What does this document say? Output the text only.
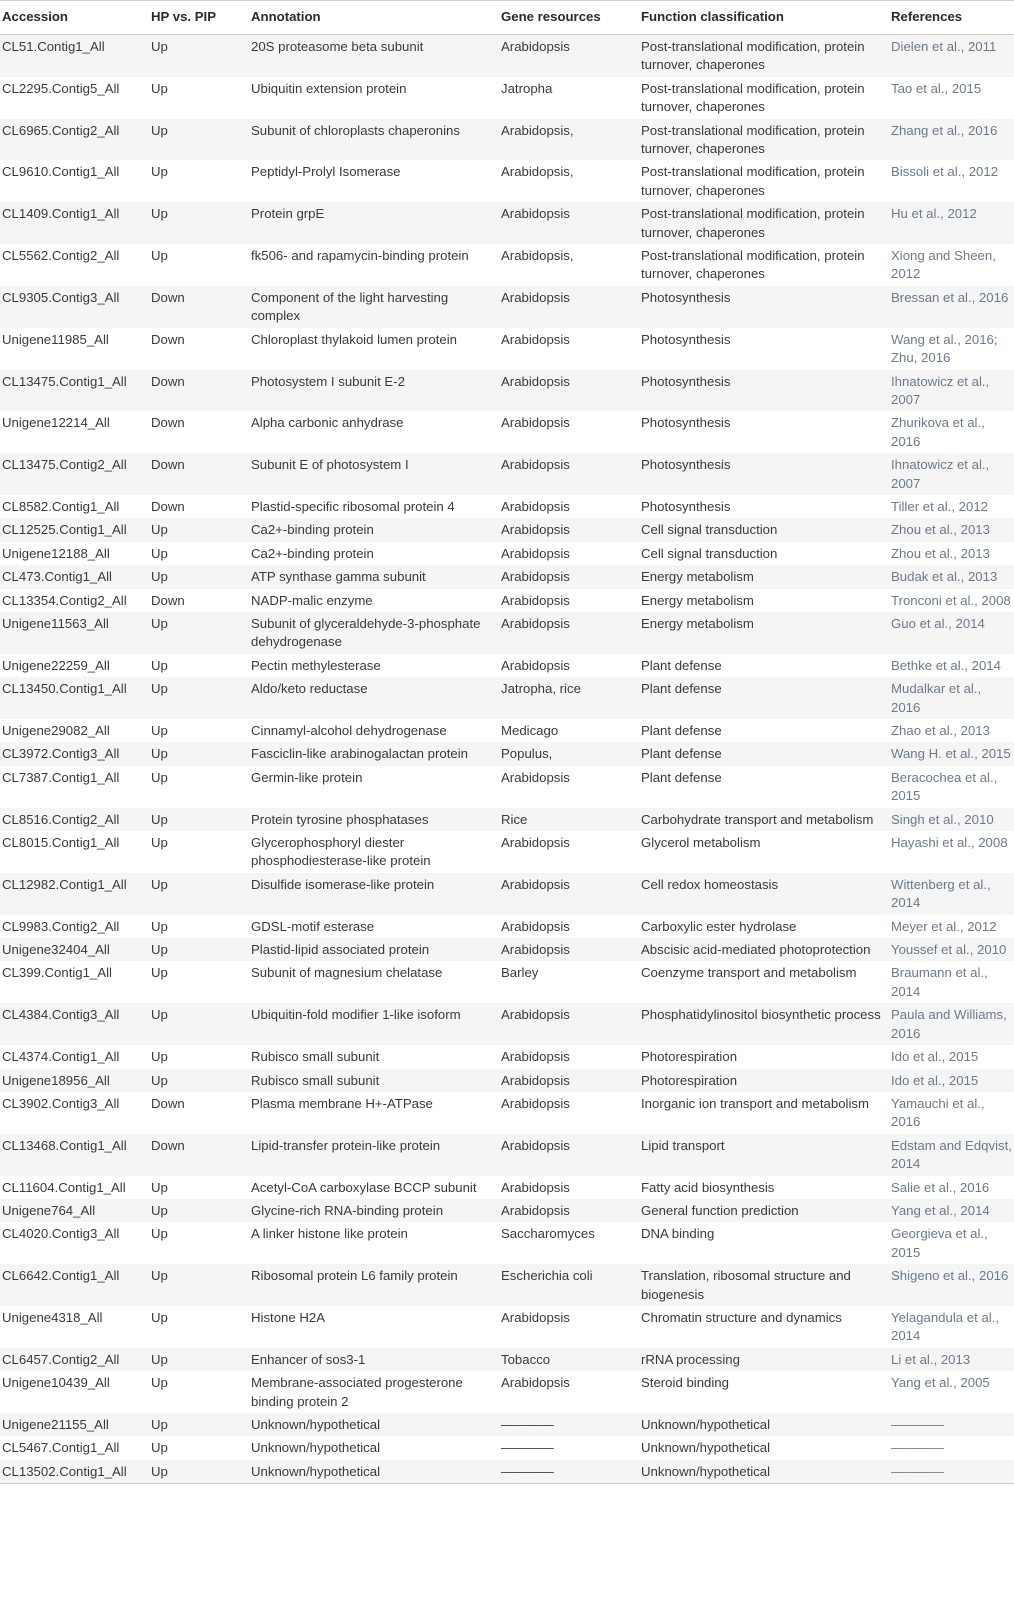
Accession	HP vs. PIP	Annotation	Gene resources	Function classification	References
CL51.Contig1_All	Up	20S proteasome beta subunit	Arabidopsis	Post-translational modification, protein turnover, chaperones	Dielen et al., 2011
CL2295.Contig5_All	Up	Ubiquitin extension protein	Jatropha	Post-translational modification, protein turnover, chaperones	Tao et al., 2015
CL6965.Contig2_All	Up	Subunit of chloroplasts chaperonins	Arabidopsis,	Post-translational modification, protein turnover, chaperones	Zhang et al., 2016
CL9610.Contig1_All	Up	Peptidyl-Prolyl Isomerase	Arabidopsis,	Post-translational modification, protein turnover, chaperones	Bissoli et al., 2012
CL1409.Contig1_All	Up	Protein grpE	Arabidopsis	Post-translational modification, protein turnover, chaperones	Hu et al., 2012
CL5562.Contig2_All	Up	fk506- and rapamycin-binding protein	Arabidopsis,	Post-translational modification, protein turnover, chaperones	Xiong and Sheen, 2012
CL9305.Contig3_All	Down	Component of the light harvesting complex	Arabidopsis	Photosynthesis	Bressan et al., 2016
Unigene11985_All	Down	Chloroplast thylakoid lumen protein	Arabidopsis	Photosynthesis	Wang et al., 2016; Zhu, 2016
CL13475.Contig1_All	Down	Photosystem I subunit E-2	Arabidopsis	Photosynthesis	Ihnatowicz et al., 2007
Unigene12214_All	Down	Alpha carbonic anhydrase	Arabidopsis	Photosynthesis	Zhurikova et al., 2016
CL13475.Contig2_All	Down	Subunit E of photosystem I	Arabidopsis	Photosynthesis	Ihnatowicz et al., 2007
CL8582.Contig1_All	Down	Plastid-specific ribosomal protein 4	Arabidopsis	Photosynthesis	Tiller et al., 2012
CL12525.Contig1_All	Up	Ca2+-binding protein	Arabidopsis	Cell signal transduction	Zhou et al., 2013
Unigene12188_All	Up	Ca2+-binding protein	Arabidopsis	Cell signal transduction	Zhou et al., 2013
CL473.Contig1_All	Up	ATP synthase gamma subunit	Arabidopsis	Energy metabolism	Budak et al., 2013
CL13354.Contig2_All	Down	NADP-malic enzyme	Arabidopsis	Energy metabolism	Tronconi et al., 2008
Unigene11563_All	Up	Subunit of glyceraldehyde-3-phosphate dehydrogenase	Arabidopsis	Energy metabolism	Guo et al., 2014
Unigene22259_All	Up	Pectin methylesterase	Arabidopsis	Plant defense	Bethke et al., 2014
CL13450.Contig1_All	Up	Aldo/keto reductase	Jatropha, rice	Plant defense	Mudalkar et al., 2016
Unigene29082_All	Up	Cinnamyl-alcohol dehydrogenase	Medicago	Plant defense	Zhao et al., 2013
CL3972.Contig3_All	Up	Fasciclin-like arabinogalactan protein	Populus,	Plant defense	Wang H. et al., 2015
CL7387.Contig1_All	Up	Germin-like protein	Arabidopsis	Plant defense	Beracochea et al., 2015
CL8516.Contig2_All	Up	Protein tyrosine phosphatases	Rice	Carbohydrate transport and metabolism	Singh et al., 2010
CL8015.Contig1_All	Up	Glycerophosphoryl diester phosphodiesterase-like protein	Arabidopsis	Glycerol metabolism	Hayashi et al., 2008
CL12982.Contig1_All	Up	Disulfide isomerase-like protein	Arabidopsis	Cell redox homeostasis	Wittenberg et al., 2014
CL9983.Contig2_All	Up	GDSL-motif esterase	Arabidopsis	Carboxylic ester hydrolase	Meyer et al., 2012
Unigene32404_All	Up	Plastid-lipid associated protein	Arabidopsis	Abscisic acid-mediated photoprotection	Youssef et al., 2010
CL399.Contig1_All	Up	Subunit of magnesium chelatase	Barley	Coenzyme transport and metabolism	Braumann et al., 2014
CL4384.Contig3_All	Up	Ubiquitin-fold modifier 1-like isoform	Arabidopsis	Phosphatidylinositol biosynthetic process	Paula and Williams, 2016
CL4374.Contig1_All	Up	Rubisco small subunit	Arabidopsis	Photorespiration	Ido et al., 2015
Unigene18956_All	Up	Rubisco small subunit	Arabidopsis	Photorespiration	Ido et al., 2015
CL3902.Contig3_All	Down	Plasma membrane H+-ATPase	Arabidopsis	Inorganic ion transport and metabolism	Yamauchi et al., 2016
CL13468.Contig1_All	Down	Lipid-transfer protein-like protein	Arabidopsis	Lipid transport	Edstam and Edqvist, 2014
CL11604.Contig1_All	Up	Acetyl-CoA carboxylase BCCP subunit	Arabidopsis	Fatty acid biosynthesis	Salie et al., 2016
Unigene764_All	Up	Glycine-rich RNA-binding protein	Arabidopsis	General function prediction	Yang et al., 2014
CL4020.Contig3_All	Up	A linker histone like protein	Saccharomyces	DNA binding	Georgieva et al., 2015
CL6642.Contig1_All	Up	Ribosomal protein L6 family protein	Escherichia coli	Translation, ribosomal structure and biogenesis	Shigeno et al., 2016
Unigene4318_All	Up	Histone H2A	Arabidopsis	Chromatin structure and dynamics	Yelagandula et al., 2014
CL6457.Contig2_All	Up	Enhancer of sos3-1	Tobacco	rRNA processing	Li et al., 2013
Unigene10439_All	Up	Membrane-associated progesterone binding protein 2	Arabidopsis	Steroid binding	Yang et al., 2005
Unigene21155_All	Up	Unknown/hypothetical	————	Unknown/hypothetical	————
CL5467.Contig1_All	Up	Unknown/hypothetical	————	Unknown/hypothetical	————
CL13502.Contig1_All	Up	Unknown/hypothetical	————	Unknown/hypothetical	————
